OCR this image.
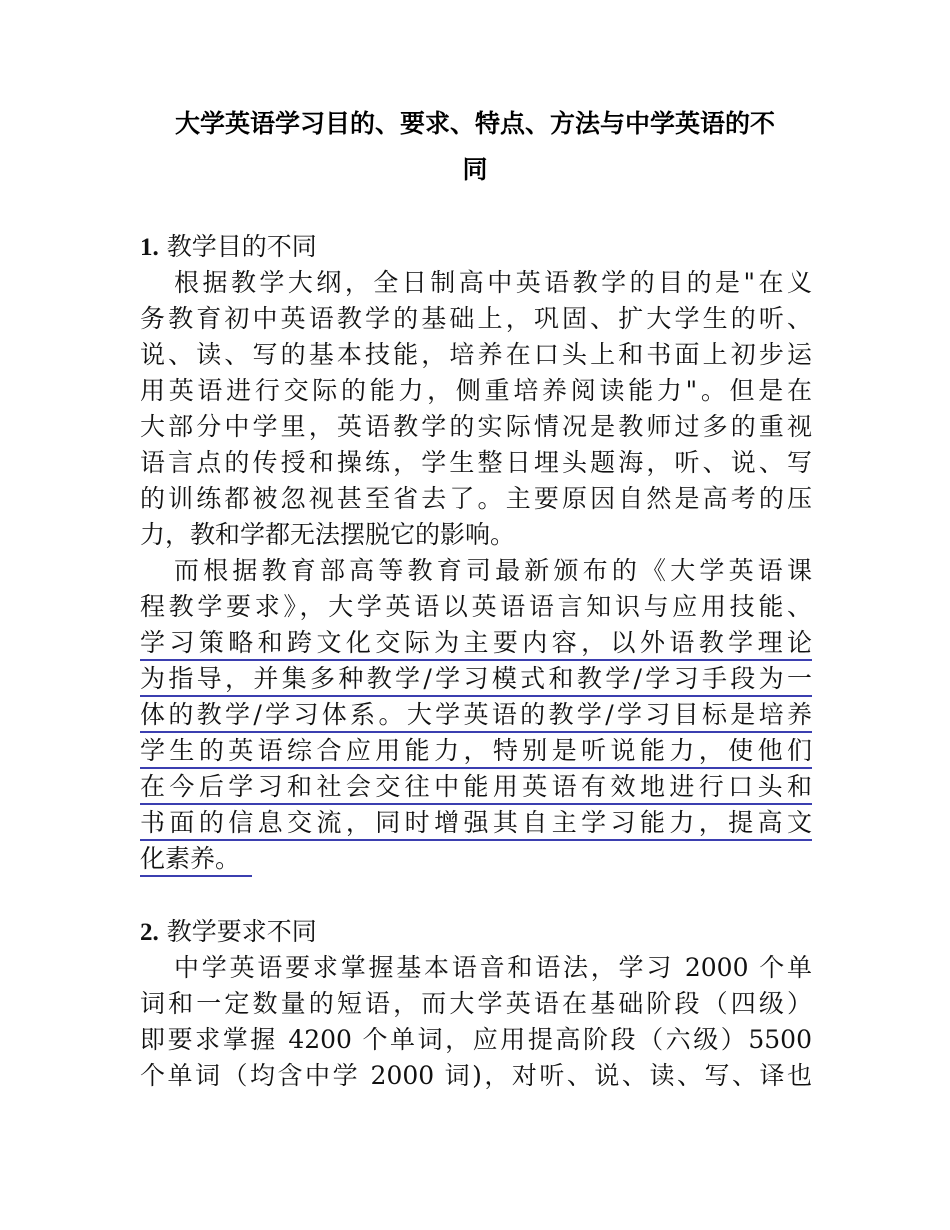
大学英语学习目的、要求、特点、方法与中学英语的不
同
1. 教学目的不同
根据教学大纲，全日制高中英语教学的目的是"在义
务教育初中英语教学的基础上，巩固、扩大学生的听、
说、读、写的基本技能，培养在口头上和书面上初步运
用英语进行交际的能力，侧重培养阅读能力"。但是在
大部分中学里，英语教学的实际情况是教师过多的重视
语言点的传授和操练，学生整日埋头题海，听、说、写
的训练都被忽视甚至省去了。主要原因自然是高考的压
力，教和学都无法摆脱它的影响。
而根据教育部高等教育司最新颁布的《大学英语课
程教学要求》，大学英语以英语语言知识与应用技能、
学习策略和跨文化交际为主要内容，以外语教学理论
为指导，并集多种教学/学习模式和教学/学习手段为一
体的教学/学习体系。大学英语的教学/学习目标是培养
学生的英语综合应用能力，特别是听说能力，使他们
在今后学习和社会交往中能用英语有效地进行口头和
书面的信息交流，同时增强其自主学习能力，提高文
化素养。
2. 教学要求不同
中学英语要求掌握基本语音和语法，学习 2000 个单
词和一定数量的短语，而大学英语在基础阶段（四级）
即要求掌握 4200 个单词，应用提高阶段（六级）5500
个单词（均含中学 2000 词)，对听、说、读、写、译也
